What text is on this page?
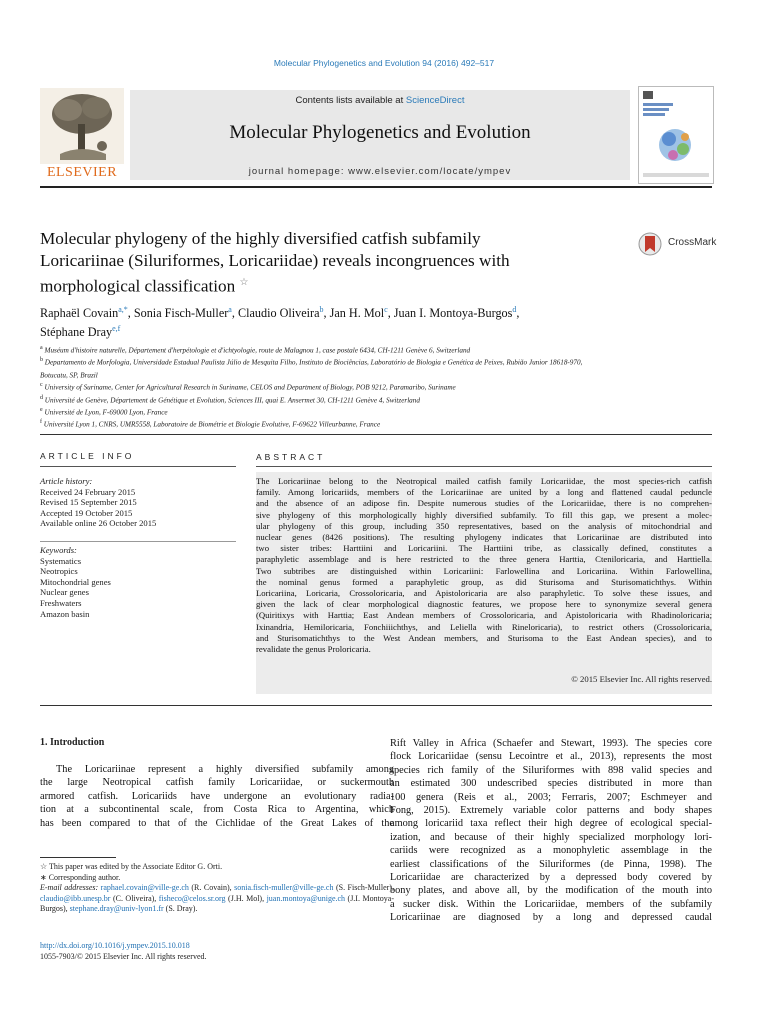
Molecular Phylogenetics and Evolution 94 (2016) 492–517
ELSEVIER
Contents lists available at ScienceDirect
Molecular Phylogenetics and Evolution
journal homepage: www.elsevier.com/locate/ympev
Molecular phylogeny of the highly diversified catfish subfamily
Loricariinae (Siluriformes, Loricariidae) reveals incongruences with
morphological classification ☆
CrossMark
Raphaël Covain$^{a,*}$, Sonia Fisch-Muller$^a$, Claudio Oliveira$^b$, Jan H. Mol$^c$, Juan I. Montoya-Burgos$^d$,
Stéphane Dray$^{e,f}$
$^a$ Muséum d'histoire naturelle, Département d'herpétologie et d'ichtyologie, route de Malagnou 1, case postale 6434, CH-1211 Genève 6, Switzerland
$^b$ Departamento de Morfologia, Universidade Estadual Paulista Júlio de Mesquita Filho, Instituto de Biociências, Laboratório de Biologia e Genética de Peixes, Rubião Junior 18618-970,
Botucatu, SP, Brazil
$^c$ University of Suriname, Center for Agricultural Research in Suriname, CELOS and Department of Biology, POB 9212, Paramaribo, Suriname
$^d$ Université de Genève, Département de Génétique et Evolution, Sciences III, quai E. Ansermet 30, CH-1211 Genève 4, Switzerland
$^e$ Université de Lyon, F-69000 Lyon, France
$^f$ Université Lyon 1, CNRS, UMR5558, Laboratoire de Biométrie et Biologie Evolutive, F-69622 Villeurbanne, France
ARTICLE INFO	ABSTRACT
Article history:
Received 24 February 2015
Revised 15 September 2015
Accepted 19 October 2015
Available online 26 October 2015
Keywords:
Systematics
Neotropics
Mitochondrial genes
Nuclear genes
Freshwaters
Amazon basin
The Loricariinae belong to the Neotropical mailed catfish family Loricariidae, the most species-rich catfish
family. Among loricariids, members of the Loricariinae are united by a long and flattened caudal peduncle
and the absence of an adipose fin. Despite numerous studies of the Loricariidae, there is no comprehen-
sive phylogeny of this morphologically highly diversified subfamily. To fill this gap, we present a molec-
ular phylogeny of this group, including 350 representatives, based on the analysis of mitochondrial and
nuclear genes (8426 positions). The resulting phylogeny indicates that Loricariinae are distributed into
two sister tribes: Harttiini and Loricariini. The Harttiini tribe, as classically defined, constitutes a
paraphyletic assemblage and is here restricted to the three genera Harttia, Cteniloricaria, and Harttiella.
Two subtribes are distinguished within Loricariini: Farlowellina and Loricariina. Within Farlowellina,
the nominal genus formed a paraphyletic group, as did Sturisoma and Sturisomatichthys. Within
Loricariina, Loricaria, Crossoloricaria, and Apistoloricaria are also paraphyletic. To solve these issues, and
given the lack of clear morphological diagnostic features, we propose here to synonymize several genera
(Quiritixys with Harttia; East Andean members of Crossoloricaria, and Apistoloricaria with Rhadinoloricaria;
Ixinandria, Hemiloricaria, Fonchiiichthys, and Leliella with Rineloricaria), to restrict others (Crossoloricaria,
and Sturisomatichthys to the West Andean members, and Sturisoma to the East Andean species), and to
revalidate the genus Proloricaria.
© 2015 Elsevier Inc. All rights reserved.
1. Introduction
The Loricariinae represent a highly diversified subfamily among
the large Neotropical catfish family Loricariidae, or suckermouth
armored catfish. Loricariids have undergone an evolutionary radia-
tion at a subcontinental scale, from Costa Rica to Argentina, which
has been compared to that of the Cichlidae of the Great Lakes of the
Rift Valley in Africa (Schaefer and Stewart, 1993). The species core
flock Loricariidae (sensu Lecointre et al., 2013), represents the most
species rich family of the Siluriformes with 898 valid species and
an estimated 300 undescribed species distributed in more than
100 genera (Reis et al., 2003; Ferraris, 2007; Eschmeyer and
Fong, 2015). Extremely variable color patterns and body shapes
among loricariid taxa reflect their high degree of ecological special-
ization, and because of their highly specialized morphology lori-
cariids were recognized as a monophyletic assemblage in the
earliest classifications of the Siluriformes (de Pinna, 1998). The
Loricariidae are characterized by a depressed body covered by
bony plates, and above all, by the modification of the mouth into
a sucker disk. Within the Loricariidae, members of the subfamily
Loricariinae are diagnosed by a long and depressed caudal
☆ This paper was edited by the Associate Editor G. Orti.
∗ Corresponding author.
E-mail addresses: raphael.covain@ville-ge.ch (R. Covain), sonia.fisch-muller@ville-ge.ch (S. Fisch-Muller), claudio@ibb.unesp.br (C. Oliveira), fisheco@celos.sr.org (J.H. Mol), juan.montoya@unige.ch (J.I. Montoya-Burgos), stephane.dray@univ-lyon1.fr (S. Dray).
http://dx.doi.org/10.1016/j.ympev.2015.10.018
1055-7903/© 2015 Elsevier Inc. All rights reserved.
